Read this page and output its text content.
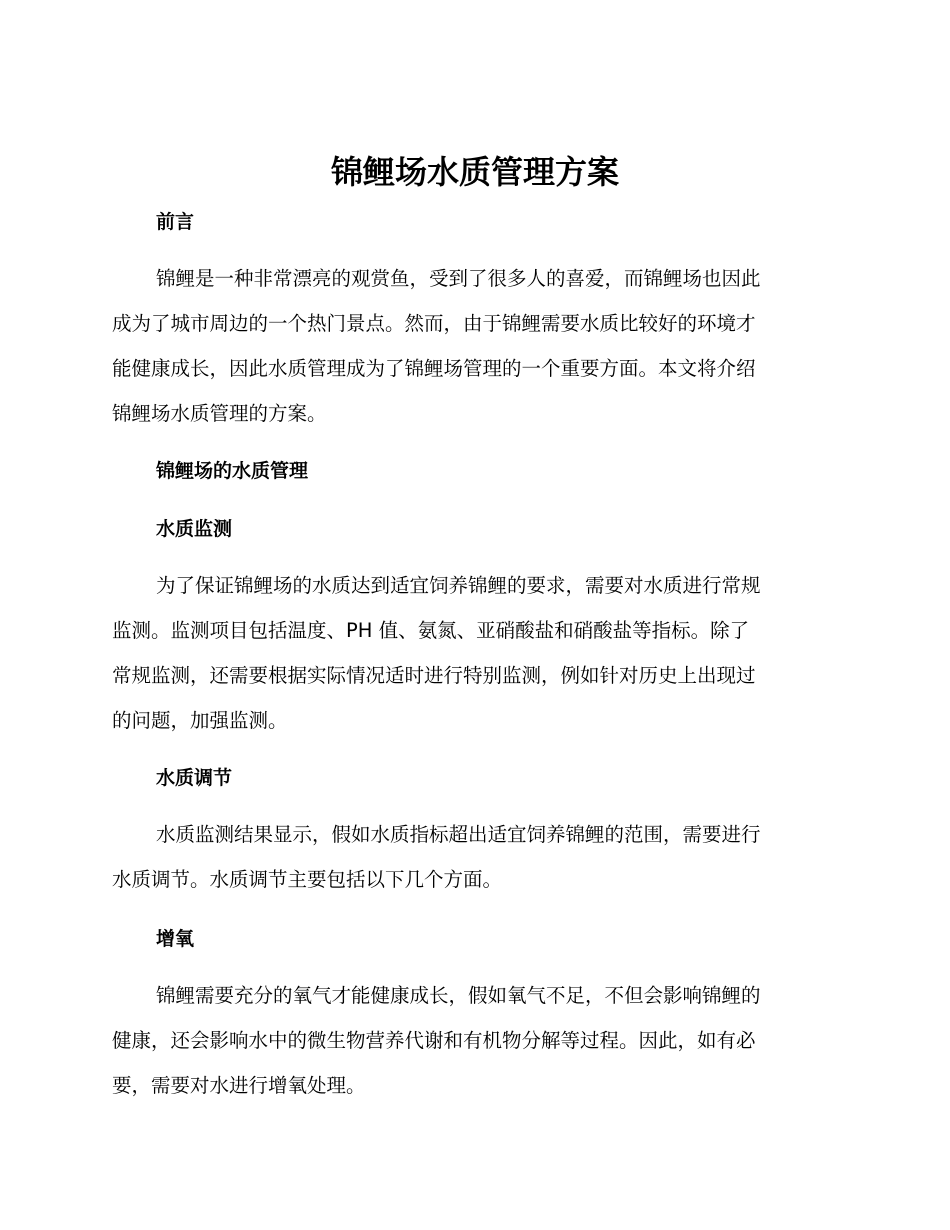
锦鲤场水质管理方案
前言
锦鲤是一种非常漂亮的观赏鱼，受到了很多人的喜爱，而锦鲤场也因此
成为了城市周边的一个热门景点。然而，由于锦鲤需要水质比较好的环境才
能健康成长，因此水质管理成为了锦鲤场管理的一个重要方面。本文将介绍
锦鲤场水质管理的方案。
锦鲤场的水质管理
水质监测
为了保证锦鲤场的水质达到适宜饲养锦鲤的要求，需要对水质进行常规
监测。监测项目包括温度、PH 值、氨氮、亚硝酸盐和硝酸盐等指标。除了
常规监测，还需要根据实际情况适时进行特别监测，例如针对历史上出现过
的问题，加强监测。
水质调节
水质监测结果显示，假如水质指标超出适宜饲养锦鲤的范围，需要进行
水质调节。水质调节主要包括以下几个方面。
增氧
锦鲤需要充分的氧气才能健康成长，假如氧气不足，不但会影响锦鲤的
健康，还会影响水中的微生物营养代谢和有机物分解等过程。因此，如有必
要，需要对水进行增氧处理。
